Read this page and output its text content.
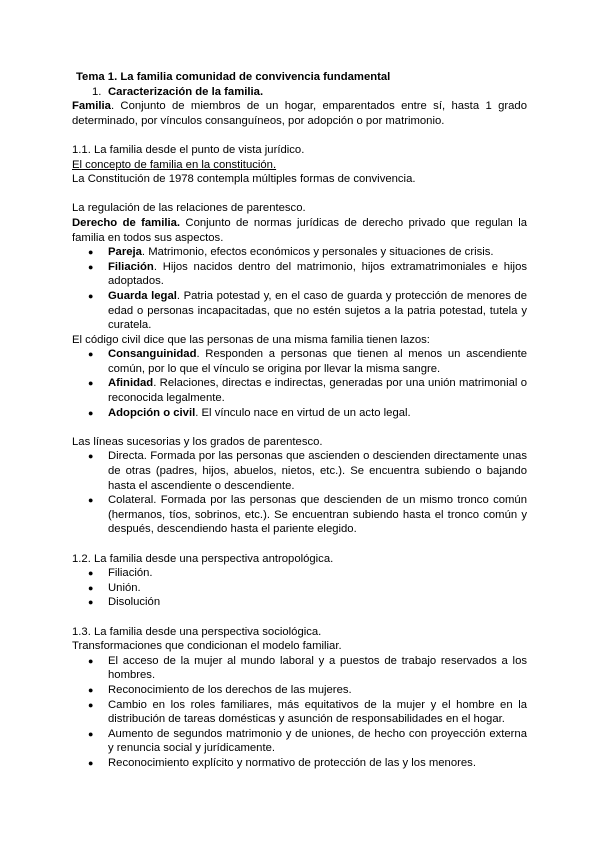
Tema 1. La familia comunidad de convivencia fundamental

1. Caracterización de la familia.

Familia. Conjunto de miembros de un hogar, emparentados entre sí, hasta 1 grado determinado, por vínculos consanguíneos, por adopción o por matrimonio.

1.1. La familia desde el punto de vista jurídico.

El concepto de familia en la constitución.

La Constitución de 1978 contempla múltiples formas de convivencia.

La regulación de las relaciones de parentesco.

Derecho de familia. Conjunto de normas jurídicas de derecho privado que regulan la familia en todos sus aspectos.

● Pareja. Matrimonio, efectos económicos y personales y situaciones de crisis.
● Filiación. Hijos nacidos dentro del matrimonio, hijos extramatrimoniales e hijos adoptados.
● Guarda legal. Patria potestad y, en el caso de guarda y protección de menores de edad o personas incapacitadas, que no estén sujetos a la patria potestad, tutela y curatela.

El código civil dice que las personas de una misma familia tienen lazos:

● Consanguinidad. Responden a personas que tienen al menos un ascendiente común, por lo que el vínculo se origina por llevar la misma sangre.
● Afinidad. Relaciones, directas e indirectas, generadas por una unión matrimonial o reconocida legalmente.
● Adopción o civil. El vínculo nace en virtud de un acto legal.

Las líneas sucesorias y los grados de parentesco.

● Directa. Formada por las personas que ascienden o descienden directamente unas de otras (padres, hijos, abuelos, nietos, etc.). Se encuentra subiendo o bajando hasta el ascendiente o descendiente.
● Colateral. Formada por las personas que descienden de un mismo tronco común (hermanos, tíos, sobrinos, etc.). Se encuentran subiendo hasta el tronco común y después, descendiendo hasta el pariente elegido.

1.2. La familia desde una perspectiva antropológica.

● Filiación.
● Unión.
● Disolución

1.3. La familia desde una perspectiva sociológica.

Transformaciones que condicionan el modelo familiar.

● El acceso de la mujer al mundo laboral y a puestos de trabajo reservados a los hombres.
● Reconocimiento de los derechos de las mujeres.
● Cambio en los roles familiares, más equitativos de la mujer y el hombre en la distribución de tareas domésticas y asunción de responsabilidades en el hogar.
● Aumento de segundos matrimonio y de uniones, de hecho con proyección externa y renuncia social y jurídicamente.
● Reconocimiento explícito y normativo de protección de las y los menores.
